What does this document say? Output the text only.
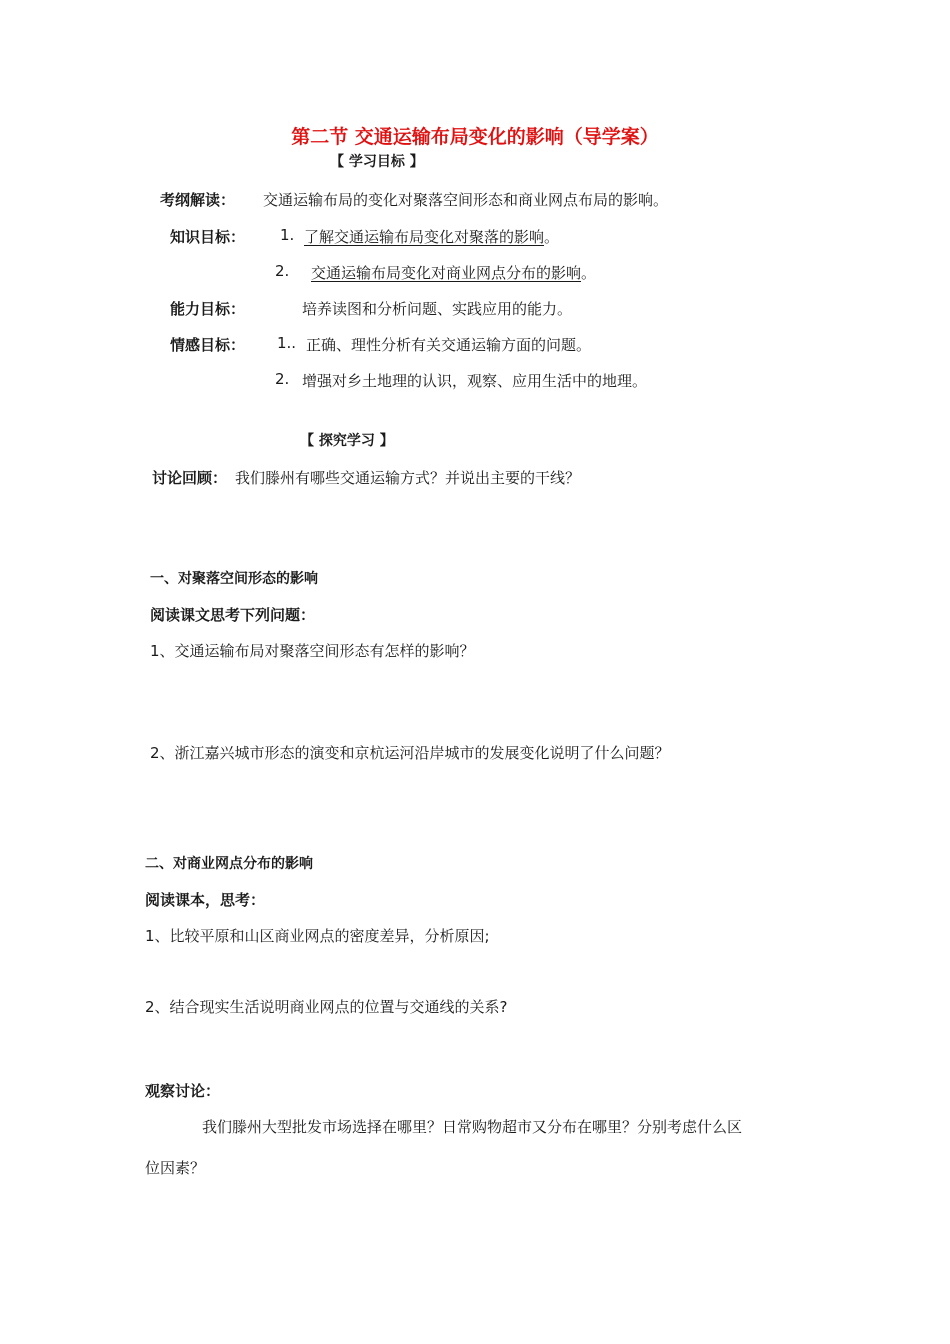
第二节 交通运输布局变化的影响（导学案）
【 学习目标 】
考纲解读： 交通运输布局的变化对聚落空间形态和商业网点布局的影响。
知识目标： 1. 了解交通运输布局变化对聚落的影响。
2. 交通运输布局变化对商业网点分布的影响。
能力目标：	培养读图和分析问题、实践应用的能力。
情感目标： 1.. 正确、理性分析有关交通运输方面的问题。
2. 增强对乡土地理的认识，观察、应用生活中的地理。
【 探究学习 】
讨论回顾： 我们滕州有哪些交通运输方式？并说出主要的干线？
一、对聚落空间形态的影响
阅读课文思考下列问题：
1、交通运输布局对聚落空间形态有怎样的影响？
2、浙江嘉兴城市形态的演变和京杭运河沿岸城市的发展变化说明了什么问题？
二、对商业网点分布的影响
阅读课本，思考：
1、比较平原和山区商业网点的密度差异，分析原因;
2、结合现实生活说明商业网点的位置与交通线的关系?
观察讨论：
我们滕州大型批发市场选择在哪里？日常购物超市又分布在哪里？分别考虑什么区
位因素？
